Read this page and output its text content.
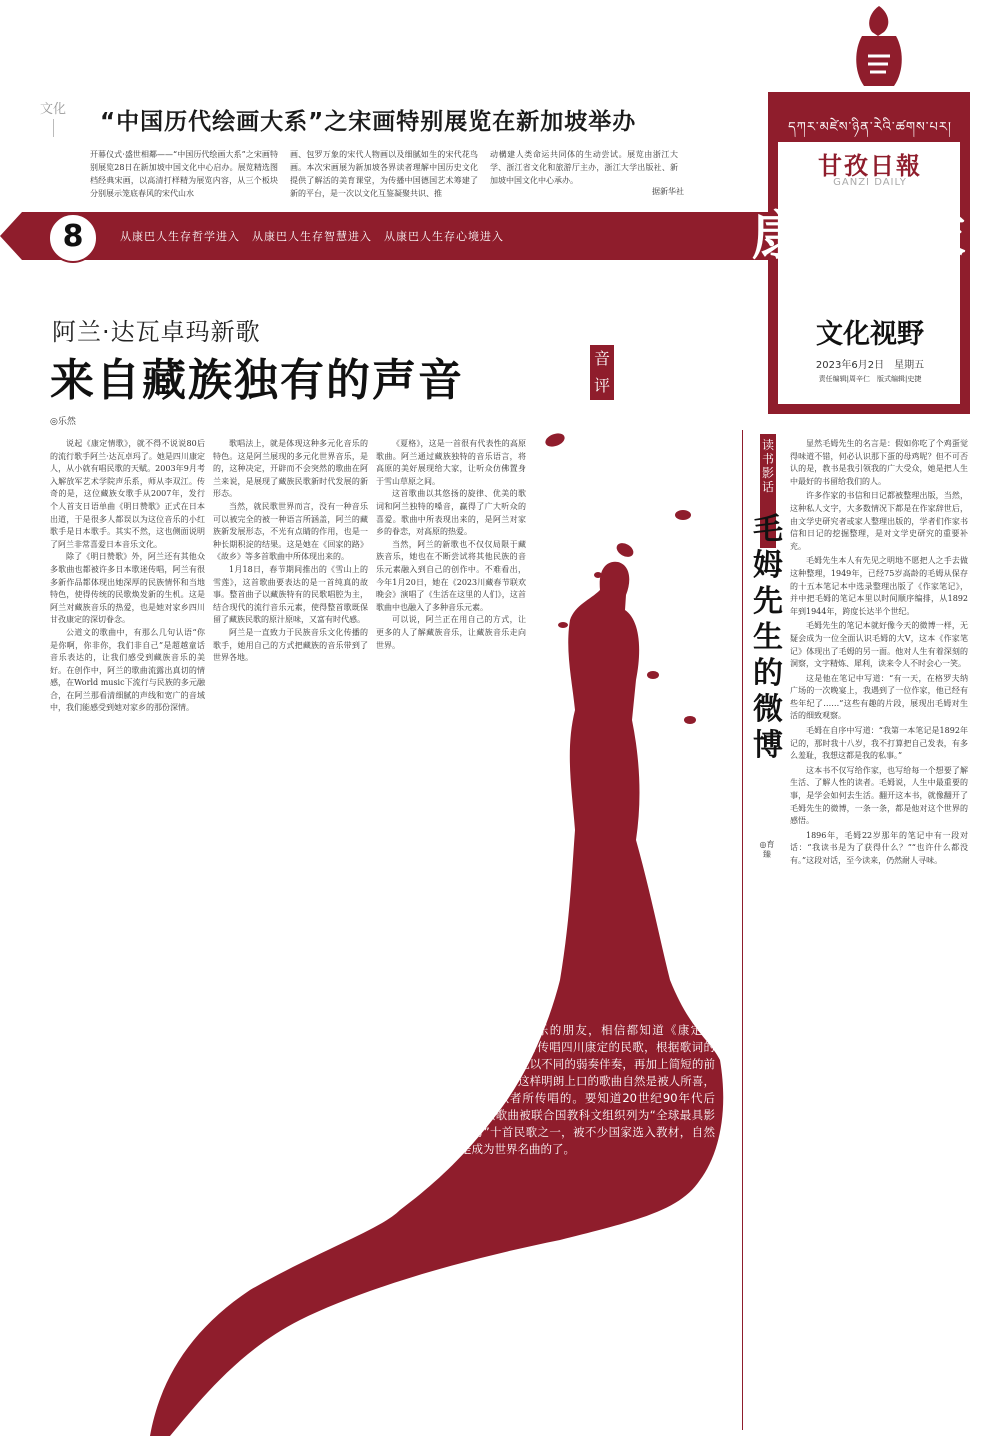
文化 “中国历代绘画大系”之宋画特别展览在新加坡举办
开幕仪式·盛世相鄰——“中国历代绘画大系”之宋画特别展览28日在新加坡中国文化中心启办。展览精选图档经典宋画，以高清打样精为展览内容，从三个板块分别展示笼底春风的宋代山水
画、包罗万象的宋代人物画以及细腻如生的宋代花鸟画。本次宋画展为新加坡各界读者理解中国历史文化提供了解活的美育课堂，为传播中国德国艺术筹建了新的平台，是一次以文化互鉴凝聚共识、推
动構建人类命运共同体的生动尝试。展览由浙江大学、浙江省文化和旅游厅主办，浙江大学出版社、新加坡中国文化中心承办。
据新华社
8	从康巴人生存哲学进入　从康巴人生存智慧进入　从康巴人生存心境进入
དཀར་མཛེས་ཉིན་རེའི་ཚགས་པར།
甘孜日報
GANZI DAILY
康巴周末
文化视野
2023年6月2日　星期五
责任编辑|周辛仁　版式编辑|史捷
阿兰·达瓦卓玛新歌
来自藏族独有的声音	音评
◎乐然

说起《康定情歌》，就不得不说说80后的流行歌手阿兰·达瓦卓玛了。她是四川康定人，从小就有唱民歌的天赋。2003年9月考入解放军艺术学院声乐系，师从李双江。传奇的是，这位藏族女歌手从2007年，发行个人首支日语单曲《明日赞歌》正式在日本出道，于是很多人都误以为这位音乐的小红歌手是日本歌手。其实不然，这也侧面说明了阿兰非常喜爱日本音乐文化。

除了《明日赞歌》外，阿兰还有其他众多歌曲也都被许多日本歌迷传唱，阿兰有很多新作品都体现出她深厚的民族情怀和当地特色，使得传统的民歌焕发新的生机。这是阿兰对藏族音乐的热爱，也是她对家乡四川甘孜康定的深切眷念。

公道文的歌曲中，有那么几句认语“你是你啊，你非你，我们非自己”是超越童话音乐表达的，让我们感受到藏族音乐的美好。在创作中，阿兰的歌曲流露出真切的情感，在World music下流行与民族的多元融合，在阿兰那看清细腻的声线和宽广的音域中，我们能感受到她对家乡的那份深情。

歌唱法上，就是体现这种多元化音乐的特色。这是阿兰展现的多元化世界音乐，是的，这种决定，开辟而不会突然的歌曲在阿兰来说，是展现了藏族民歌新时代发展的新形态。

当然，就民歌世界而言，没有一种音乐可以被完全的被一种语言所涵盖，阿兰的藏族新发展形态，不光有点睛的作用，也是一种长期积淀的结果。这是她在《回家的路》《故乡》等多首歌曲中所体现出来的。

1月18日，春节期间推出的《雪山上的雪莲》，这首歌曲要表达的是一首纯真的故事。整首曲子以藏族特有的民歌唱腔为主，结合现代的流行音乐元素，使得整首歌既保留了藏族民歌的原汁原味，又富有时代感。

阿兰是一直致力于民族音乐文化传播的歌手，她用自己的方式把藏族的音乐带到了世界各地。

《夏格》，这是一首很有代表性的高原歌曲。阿兰通过藏族独特的音乐语言，将高原的美好展现给大家，让听众仿佛置身于雪山草原之间。

这首歌曲以其悠扬的旋律、优美的歌词和阿兰独特的嗓音，赢得了广大听众的喜爱。歌曲中所表现出来的，是阿兰对家乡的眷恋，对高原的热爱。

当然，阿兰的新歌也不仅仅局限于藏族音乐，她也在不断尝试将其他民族的音乐元素融入到自己的创作中。不难看出，今年1月20日，她在《2023川藏春节联欢晚会》演唱了《生活在这里的人们》，这首歌曲中也融入了多种音乐元素。

可以说，阿兰正在用自己的方式，让更多的人了解藏族音乐，让藏族音乐走向世界。

只要喜欢听音乐的朋友，相信都知道《康定情歌》，这是一首传唱四川康定的民歌，根据歌词的表达内容，配以不同的弱奏伴奏，再加上简短的前奏和尾声，这样明朗上口的歌曲自然是被人所喜，也是被歌者所传唱的。要知道20世纪90年代后期，该歌曲被联合国教科文组织列为“全球最具影响力”十首民歌之一，被不少国家选入教材，自然是成为世界名曲的了。
读书影话
毛姆先生的微博
◎育臻

显然毛姆先生的名言是：假如你吃了个鸡蛋觉得味道不错，何必认识那下蛋的母鸡呢？但不可否认的是，教书是我引领我的广大受众，她是把人生中最好的书留给我们的人。

许多作家的书信和日记都被整理出版，当然，这种私人文字，大多数情况下都是在作家辞世后，由文学史研究者或家人整理出版的，学者们作家书信和日记的挖掘整理，是对文学史研究的重要补充。

毛姆先生本人有先见之明地不愿把人之手去做这种整理，1949年，已经75岁高龄的毛姆从保存的十五本笔记本中选录整理出版了《作家笔记》，并中把毛姆的笔记本里以时间顺序编排，从1892年到1944年，跨度长达半个世纪。

毛姆先生的笔记本就好像今天的微博一样，无疑会成为一位全面认识毛姆的大V，这本《作家笔记》体现出了毛姆的另一面。他对人生有着深刻的洞察，文字精炼、犀利，读来令人不时会心一笑。

这是他在笔记中写道：“有一天，在格罗夫纳广场的一次晚宴上，我遇到了一位作家，他已经有些年纪了……”这些有趣的片段，展现出毛姆对生活的细致观察。

毛姆在自序中写道：“我第一本笔记是1892年记的，那时我十八岁，我不打算把自己发表，有多么羞耻，我想这都是我的私事。”

这本书不仅写给作家，也写给每一个想要了解生活、了解人性的读者。毛姆说，人生中最重要的事，是学会如何去生活。翻开这本书，就像翻开了毛姆先生的微博，一条一条，都是他对这个世界的感悟。

1896年，毛姆22岁那年的笔记中有一段对话：“我读书是为了获得什么？”“也许什么都没有。”这段对话，至今读来，仍然耐人寻味。
